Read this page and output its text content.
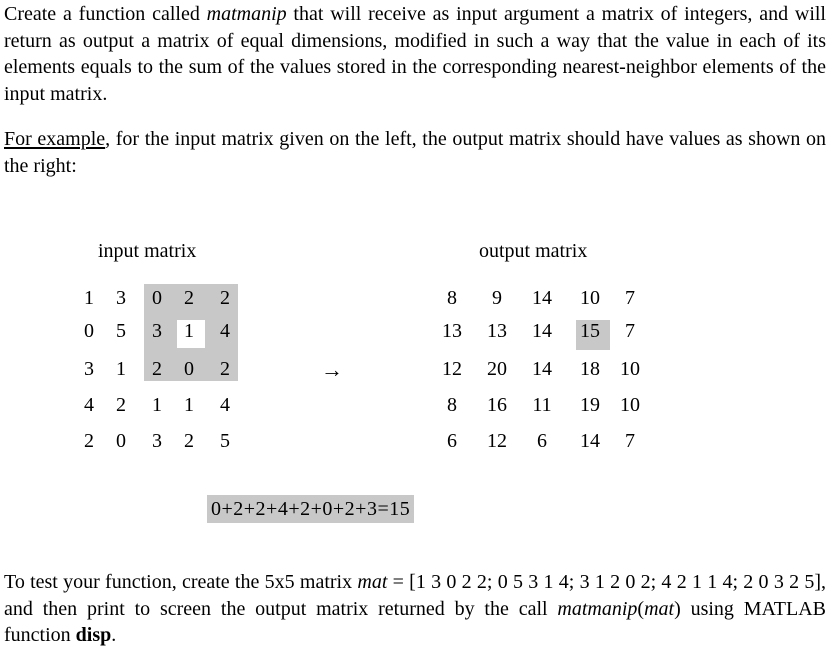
Create a function called matmanip that will receive as input argument a matrix of integers, and will return as output a matrix of equal dimensions, modified in such a way that the value in each of its elements equals to the sum of the values stored in the corresponding nearest-neighbor elements of the input matrix.
For example, for the input matrix given on the left, the output matrix should have values as shown on the right:
input matrix	output matrix
1 3 0 2 2
0 5 3 1 4
3 1 2 0 2
4 2 1 1 4
2 0 3 2 5
8	9	14	10	7
13	13	14	15	7
12	20	14	18	10
8	16	11	19	10
6	12	6	14	7
→
0+2+2+4+2+0+2+3=15
To test your function, create the 5x5 matrix mat = [1 3 0 2 2; 0 5 3 1 4; 3 1 2 0 2; 4 2 1 1 4; 2 0 3 2 5], and then print to screen the output matrix returned by the call matmanip(mat) using MATLAB function disp.
